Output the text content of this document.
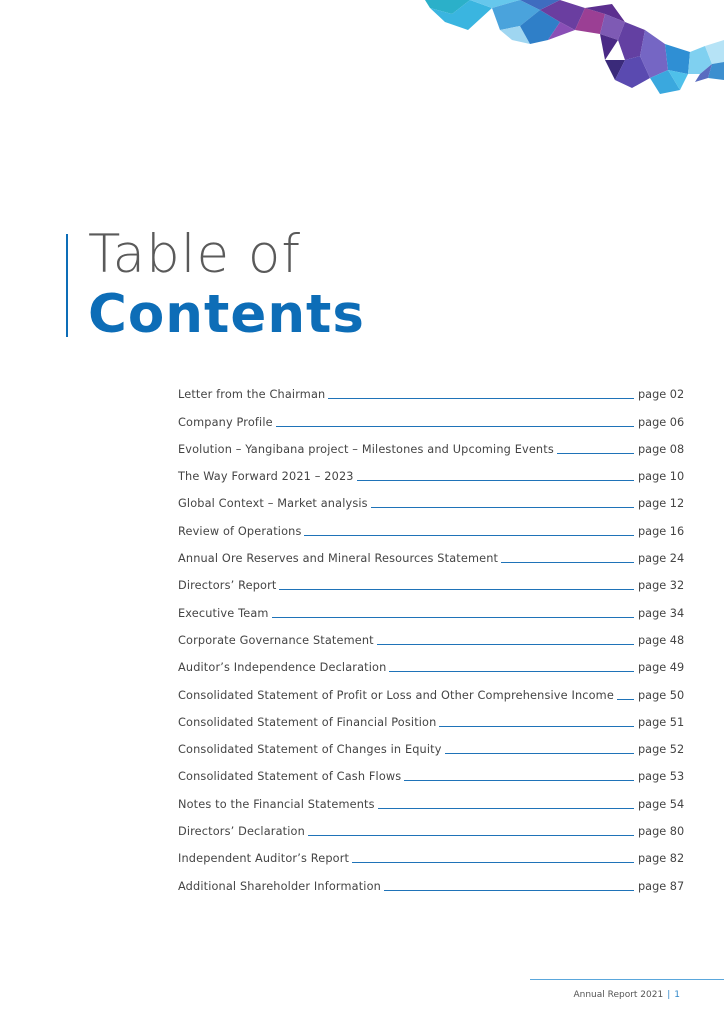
Table of
Contents
Letter from the Chairman	page 02
Company Profile	page 06
Evolution – Yangibana project – Milestones and Upcoming Events	page 08
The Way Forward 2021 – 2023	page 10
Global Context – Market analysis	page 12
Review of Operations	page 16
Annual Ore Reserves and Mineral Resources Statement	page 24
Directors’ Report	page 32
Executive Team	page 34
Corporate Governance Statement	page 48
Auditor’s Independence Declaration	page 49
Consolidated Statement of Profit or Loss and Other Comprehensive Income page 50
Consolidated Statement of Financial Position	page 51
Consolidated Statement of Changes in Equity	page 52
Consolidated Statement of Cash Flows	page 53
Notes to the Financial Statements	page 54
Directors’ Declaration	page 80
Independent Auditor’s Report	page 82
Additional Shareholder Information	page 87
Annual Report 2021 | 1
